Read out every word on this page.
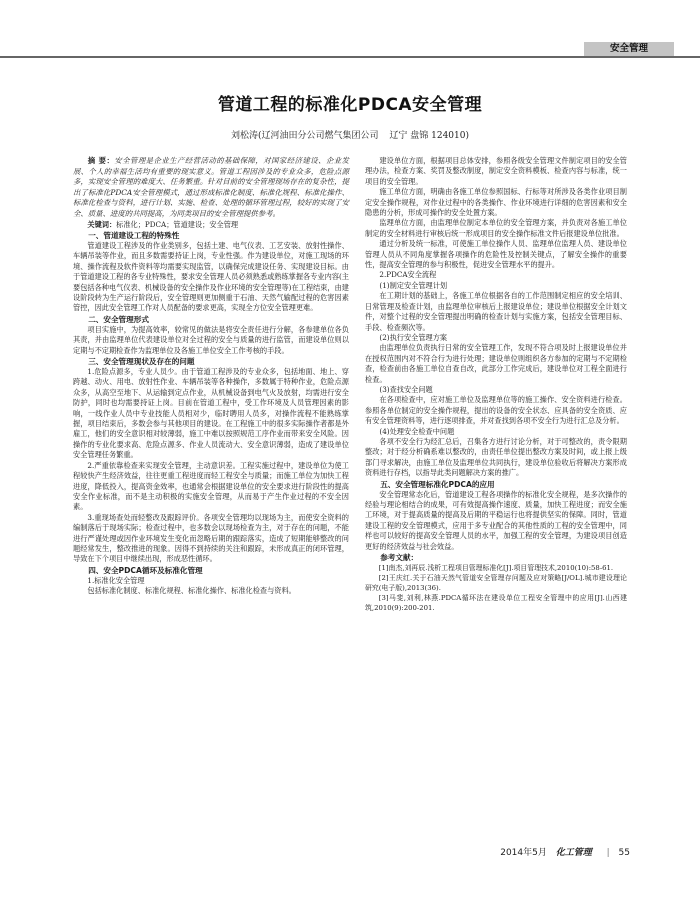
安全管理
管道工程的标准化PDCA安全管理
刘松涛(辽河油田分公司燃气集团公司 辽宁 盘锦 124010)

摘 要：安全管理是企业生产经营活动的基础保障，对国家经济建设、企业发展、个人的幸福生活均有重要的现实意义。管道工程因涉及的专业众多，危险点源多，实现安全管理的难度大、任务繁重。针对目前的安全管理现场存在的复杂性，提出了标准化PDCA安全管理模式，通过形成标准化制度、标准化规程、标准化操作、标准化检查与资料，进行计划、实施、检查、处理的循环管理过程，较好的实现了安全、质量、进度的共同提高，为同类项目的安全管理提供参考。

关键词：标准化；PDCA；管道建设；安全管理

一、管道建设工程的特殊性

管道建设工程涉及的作业类别多，包括土建、电气仪表、工艺安装、放射性操作、车辆吊装等作业，而且多数需要持证上岗，专业性强。作为建设单位，对施工现场的环境、操作流程及软件资料等均需要实现监管，以确保完成建设任务、实现建设目标。由于管道建设工程的各专业特殊性，要求安全管理人员必须熟悉或熟练掌握各专业内容(主要包括各种电气仪表、机械设备的安全操作及作业环境的安全管理等)在工程结束，由建设阶段转为生产运行阶段后，安全管理则更加侧重于石油、天然气输配过程的危害因素管控，因此安全管理工作对人员配备的要求更高，实现全方位安全管理更难。

二、安全管理形式

项目实施中，为提高效率，较常见的做法是将安全责任进行分解，各参建单位各负其责，并由监理单位代表建设单位对全过程的安全与质量的进行监管，而建设单位则以定期与不定期检查作为监理单位及各施工单位安全工作考核的手段。

三、安全管理现状及存在的问题

1.危险点源多，专业人员少。由于管道工程涉及的专业众多，包括地面、地上、穿跨越、动火、用电、放射性作业、车辆吊装等各种操作，多数属于特种作业，危险点源众多，从高空至地下、从运输到定点作业，从机械设备到电气火及放射，均需进行安全防护，同时也均需要持证上岗。目前在管道工程中，受工作环境及人员管理因素的影响，一线作业人员中专业技能人员相对少，临时聘用人员多，对操作流程不能熟练掌握，项目结束后，多数会参与其他项目的建设。在工程施工中的很多实际操作者都是外雇工，他们的安全意识相对较薄弱，施工中难以按照规范工序作业而带来安全风险。因操作的专业化要求高、危险点源多、作业人员流动大、安全意识薄弱，造成了建设单位安全管理任务繁重。

2.严重依靠检查来实现安全管理，主动意识差。工程实施过程中，建设单位为使工程较快产生经济效益，往往更重工程进度而轻工程安全与质量；而施工单位为加快工程进度，降低投入，提高资金效率，也通常会根据建设单位的安全要求进行阶段性的提高安全作业标准，而不是主动积极的实施安全管理，从而易于产生作业过程的不安全因素。

3.重现场查处而轻整改及跟踪评价。各项安全管理均以现场为主，而使安全资料的编制落后于现场实际；检查过程中，也多数会以现场检查为主，对于存在的问题，不能进行严谨处理或因作业环境发生变化而忽略后期的跟踪落实，造成了短期能够整改的问题经常发生，整改推进的现象。因得不到持续的关注和跟踪，未形成真正的闭环管理，导致在下个项目中继续出现，形成恶性循环。

四、安全PDCA循环及标准化管理

1.标准化安全管理

包括标准化制度、标准化规程、标准化操作、标准化检查与资料。

建设单位方面，根据项目总体安排，参照各级安全管理文件制定项目的安全管理办法，检查方案、奖罚及整改制度，制定安全资料模板、检查内容与标准，统一项目的安全管理。

施工单位方面，明确由各施工单位参照国标、行标等对所涉及各类作业项目制定安全操作规程，对作业过程中的各类操作、作业环境进行详细的危害因素和安全隐患的分析，形成可操作的安全处置方案。

监理单位方面，由监理单位制定本单位的安全管理方案，并负责对各施工单位制定的安全材料进行审核后统一形成项目的安全操作标准文件后报建设单位批准。

通过分析及统一标准，可使施工单位操作人员、监理单位监理人员、建设单位管理人员从不同角度掌握各项操作的危险性及控制关键点，了解安全操作的重要性，提高安全管理的参与积极性，促进安全管理水平的提升。

2.PDCA安全流程

(1)制定安全管理计划

在工期计划的基础上，各施工单位根据各自的工作范围制定相应的安全培训、日常管理及检查计划，由监理单位审核后上报建设单位；建设单位根据安全计划文件，对整个过程的安全管理提出明确的检查计划与实施方案，包括安全管理目标、手段、检查频次等。

(2)执行安全管理方案

由监理单位负责执行日常的安全管理工作，发现不符合项及时上报建设单位并在授权范围内对不符合行为进行处理；建设单位则组织各方参加的定期与不定期检查，检查前由各施工单位自查自改，此部分工作完成后，建设单位对工程全面进行检查。

(3)查找安全问题

在各项检查中，应对施工单位及监理单位等的施工操作、安全资料进行检查。参照各单位制定的安全操作规程，提出的设备的安全状态、应具备的安全资质、应有安全管理资料等，进行逐项排查，并对查找到各项不安全行为进行汇总及分析。

(4)处理安全检查中问题

各项不安全行为经汇总后，召集各方进行讨论分析，对于可整改的，责令限期整改；对于经分析确系难以整改的，由责任单位提出整改方案及时间，或上报上级部门寻求解决，由施工单位及监理单位共同执行，建设单位验收后将解决方案形成资料进行存档，以指导此类问题解决方案的推广。

五、安全管理标准化PDCA的应用

安全管理常态化后，管道建设工程各项操作的标准化安全规程，是多次操作的经验与理论相结合的成果，可有效提高操作速度、质量，加快工程进度；而安全施工环境，对于提高质量的提高及后期的平稳运行也将提供坚实的保障。同时，管道建设工程的安全管理模式，应用于多专业配合的其他性质的工程的安全管理中，同样也可以较好的提高安全管理人员的水平，加强工程的安全管理，为建设项目创造更好的经济效益与社会效益。

参考文献：

[1]南杰,刘再辰.浅析工程项目管理标准化[J].项目管理技术,2010(10):58-61.

[2]王庆红.关于石油天然气管道安全管理存问题及应对策略[J/OL].城市建设理论研究(电子版),2013(36).

[3]马斐,刘利,林燕.PDCA循环法在建设单位工程安全管理中的应用[J].山西建筑,2010(9):200-201.

2014年5月 化工管理 | 55
